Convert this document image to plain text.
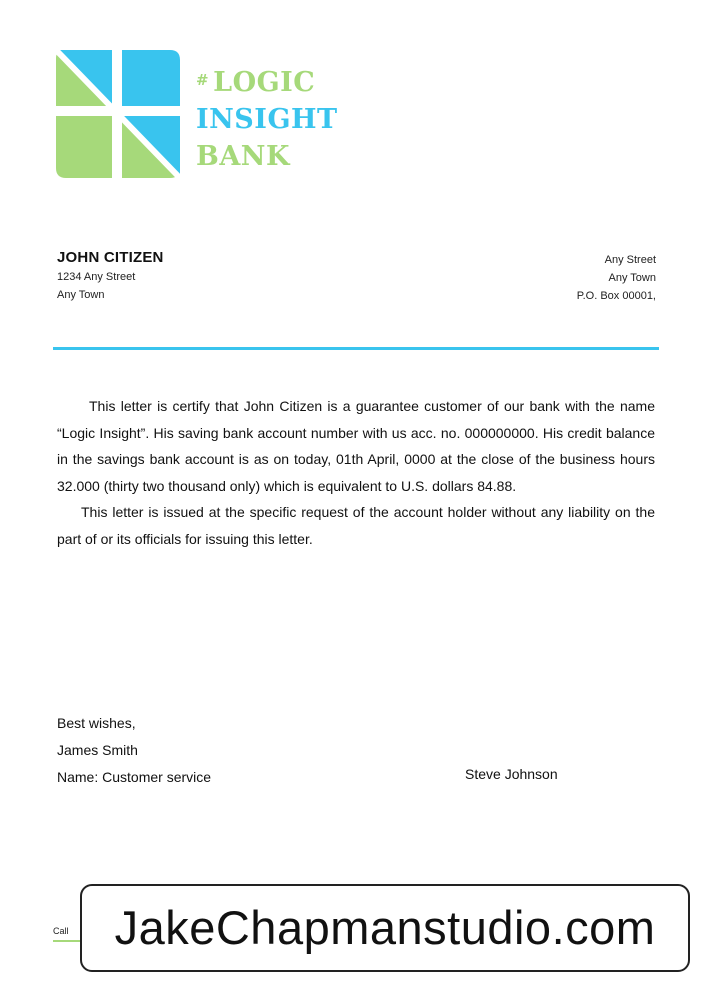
# LOGIC
INSIGHT
BANK
JOHN CITIZEN
1234 Any Street
Any Town
Any Street
Any Town
P.O. Box 00001,

This letter is certify that John Citizen is a guarantee customer of our bank with the name “Logic Insight”. His saving bank account number with us acc. no. 000000000. His credit balance in the savings bank account is as on today, 01th April, 0000 at the close of the business hours 32.000 (thirty two thousand only) which is equivalent to U.S. dollars 84.88.

This letter is issued at the specific request of the account holder without any liability on the part of or its officials for issuing this letter.

Best wishes,
James Smith
Name: Customer service	Steve Johnson
Call JakeChapmanstudio.com
